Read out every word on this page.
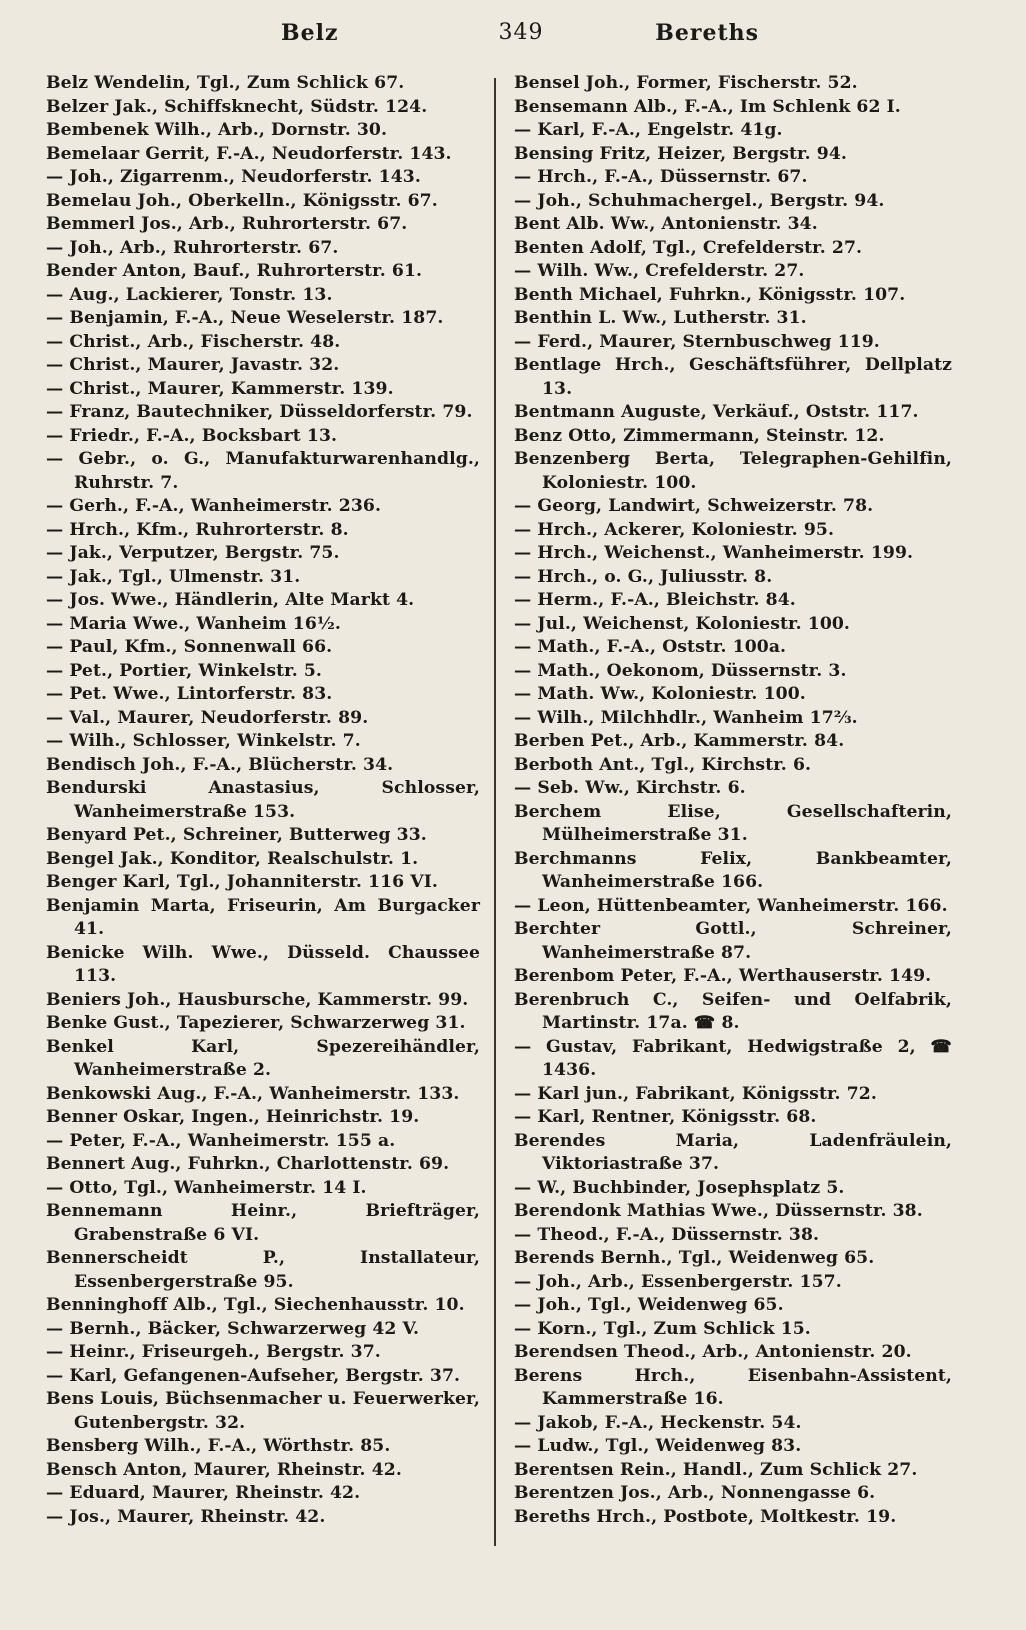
Belz	349	Bereths

Belz Wendelin, Tgl., Zum Schlick 67.

Belzer Jak., Schiffsknecht, Südstr. 124.

Bembenek Wilh., Arb., Dornstr. 30.

Bemelaar Gerrit, F.-A., Neudorferstr. 143.

— Joh., Zigarrenm., Neudorferstr. 143.

Bemelau Joh., Oberkelln., Königsstr. 67.

Bemmerl Jos., Arb., Ruhrorterstr. 67.

— Joh., Arb., Ruhrorterstr. 67.

Bender Anton, Bauf., Ruhrorterstr. 61.

— Aug., Lackierer, Tonstr. 13.

— Benjamin, F.-A., Neue Weselerstr. 187.

— Christ., Arb., Fischerstr. 48.

— Christ., Maurer, Javastr. 32.

— Christ., Maurer, Kammerstr. 139.

— Franz, Bautechniker, Düsseldorferstr. 79.

— Friedr., F.-A., Bocksbart 13.

— Gebr., o. G., Manufakturwarenhandlg., Ruhrstr. 7.

— Gerh., F.-A., Wanheimerstr. 236.

— Hrch., Kfm., Ruhrorterstr. 8.

— Jak., Verputzer, Bergstr. 75.

— Jak., Tgl., Ulmenstr. 31.

— Jos. Wwe., Händlerin, Alte Markt 4.

— Maria Wwe., Wanheim 16½.

— Paul, Kfm., Sonnenwall 66.

— Pet., Portier, Winkelstr. 5.

— Pet. Wwe., Lintorferstr. 83.

— Val., Maurer, Neudorferstr. 89.

— Wilh., Schlosser, Winkelstr. 7.

Bendisch Joh., F.-A., Blücherstr. 34.

Bendurski Anastasius, Schlosser, Wanheimerstraße 153.

Benyard Pet., Schreiner, Butterweg 33.

Bengel Jak., Konditor, Realschulstr. 1.

Benger Karl, Tgl., Johanniterstr. 116 VI.

Benjamin Marta, Friseurin, Am Burgacker 41.

Benicke Wilh. Wwe., Düsseld. Chaussee 113.

Beniers Joh., Hausbursche, Kammerstr. 99.

Benke Gust., Tapezierer, Schwarzerweg 31.

Benkel Karl, Spezereihändler, Wanheimerstraße 2.

Benkowski Aug., F.-A., Wanheimerstr. 133.

Benner Oskar, Ingen., Heinrichstr. 19.

— Peter, F.-A., Wanheimerstr. 155 a.

Bennert Aug., Fuhrkn., Charlottenstr. 69.

— Otto, Tgl., Wanheimerstr. 14 I.

Bennemann Heinr., Briefträger, Grabenstraße 6 VI.

Bennerscheidt P., Installateur, Essenbergerstraße 95.

Benninghoff Alb., Tgl., Siechenhausstr. 10.

— Bernh., Bäcker, Schwarzerweg 42 V.

— Heinr., Friseurgeh., Bergstr. 37.

— Karl, Gefangenen-Aufseher, Bergstr. 37.

Bens Louis, Büchsenmacher u. Feuerwerker, Gutenbergstr. 32.

Bensberg Wilh., F.-A., Wörthstr. 85.

Bensch Anton, Maurer, Rheinstr. 42.

— Eduard, Maurer, Rheinstr. 42.

— Jos., Maurer, Rheinstr. 42.

Bensel Joh., Former, Fischerstr. 52.

Bensemann Alb., F.-A., Im Schlenk 62 I.

— Karl, F.-A., Engelstr. 41g.

Bensing Fritz, Heizer, Bergstr. 94.

— Hrch., F.-A., Düssernstr. 67.

— Joh., Schuhmachergel., Bergstr. 94.

Bent Alb. Ww., Antonienstr. 34.

Benten Adolf, Tgl., Crefelderstr. 27.

— Wilh. Ww., Crefelderstr. 27.

Benth Michael, Fuhrkn., Königsstr. 107.

Benthin L. Ww., Lutherstr. 31.

— Ferd., Maurer, Sternbuschweg 119.

Bentlage Hrch., Geschäftsführer, Dellplatz 13.

Bentmann Auguste, Verkäuf., Oststr. 117.

Benz Otto, Zimmermann, Steinstr. 12.

Benzenberg Berta, Telegraphen-Gehilfin, Koloniestr. 100.

— Georg, Landwirt, Schweizerstr. 78.

— Hrch., Ackerer, Koloniestr. 95.

— Hrch., Weichenst., Wanheimerstr. 199.

— Hrch., o. G., Juliusstr. 8.

— Herm., F.-A., Bleichstr. 84.

— Jul., Weichenst, Koloniestr. 100.

— Math., F.-A., Oststr. 100a.

— Math., Oekonom, Düssernstr. 3.

— Math. Ww., Koloniestr. 100.

— Wilh., Milchhdlr., Wanheim 17⅔.

Berben Pet., Arb., Kammerstr. 84.

Berboth Ant., Tgl., Kirchstr. 6.

— Seb. Ww., Kirchstr. 6.

Berchem Elise, Gesellschafterin, Mülheimerstraße 31.

Berchmanns Felix, Bankbeamter, Wanheimerstraße 166.

— Leon, Hüttenbeamter, Wanheimerstr. 166.

Berchter Gottl., Schreiner, Wanheimerstraße 87.

Berenbom Peter, F.-A., Werthauserstr. 149.

Berenbruch C., Seifen- und Oelfabrik, Martinstr. 17a. ☎ 8.

— Gustav, Fabrikant, Hedwigstraße 2, ☎ 1436.

— Karl jun., Fabrikant, Königsstr. 72.

— Karl, Rentner, Königsstr. 68.

Berendes Maria, Ladenfräulein, Viktoriastraße 37.

— W., Buchbinder, Josephsplatz 5.

Berendonk Mathias Wwe., Düssernstr. 38.

— Theod., F.-A., Düssernstr. 38.

Berends Bernh., Tgl., Weidenweg 65.

— Joh., Arb., Essenbergerstr. 157.

— Joh., Tgl., Weidenweg 65.

— Korn., Tgl., Zum Schlick 15.

Berendsen Theod., Arb., Antonienstr. 20.

Berens Hrch., Eisenbahn-Assistent, Kammerstraße 16.

— Jakob, F.-A., Heckenstr. 54.

— Ludw., Tgl., Weidenweg 83.

Berentsen Rein., Handl., Zum Schlick 27.

Berentzen Jos., Arb., Nonnengasse 6.

Bereths Hrch., Postbote, Moltkestr. 19.
